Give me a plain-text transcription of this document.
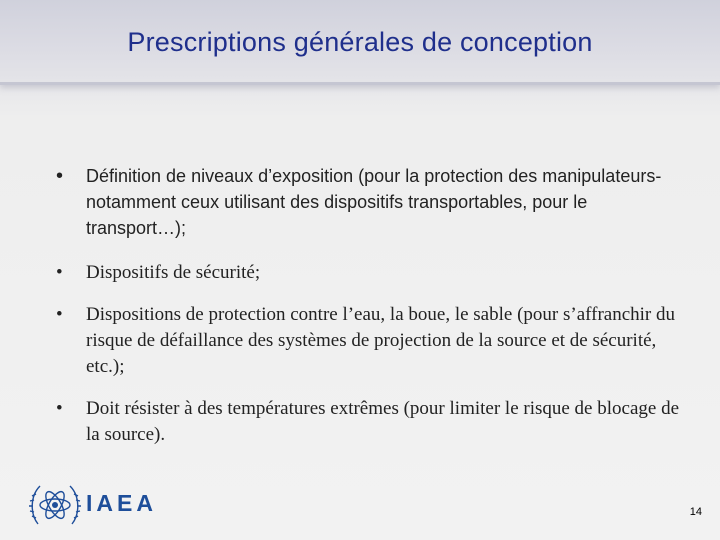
Prescriptions générales de conception
• Définition de niveaux d’exposition (pour la protection des manipulateurs- notamment ceux utilisant des dispositifs transportables, pour le transport…);
• Dispositifs de sécurité;
• Dispositions de protection contre l’eau, la boue, le sable (pour s’affranchir du risque de défaillance des systèmes de projection de la source et de sécurité, etc.);
• Doit résister à des températures extrêmes (pour limiter le risque de blocage de la source).
IAEA	14
